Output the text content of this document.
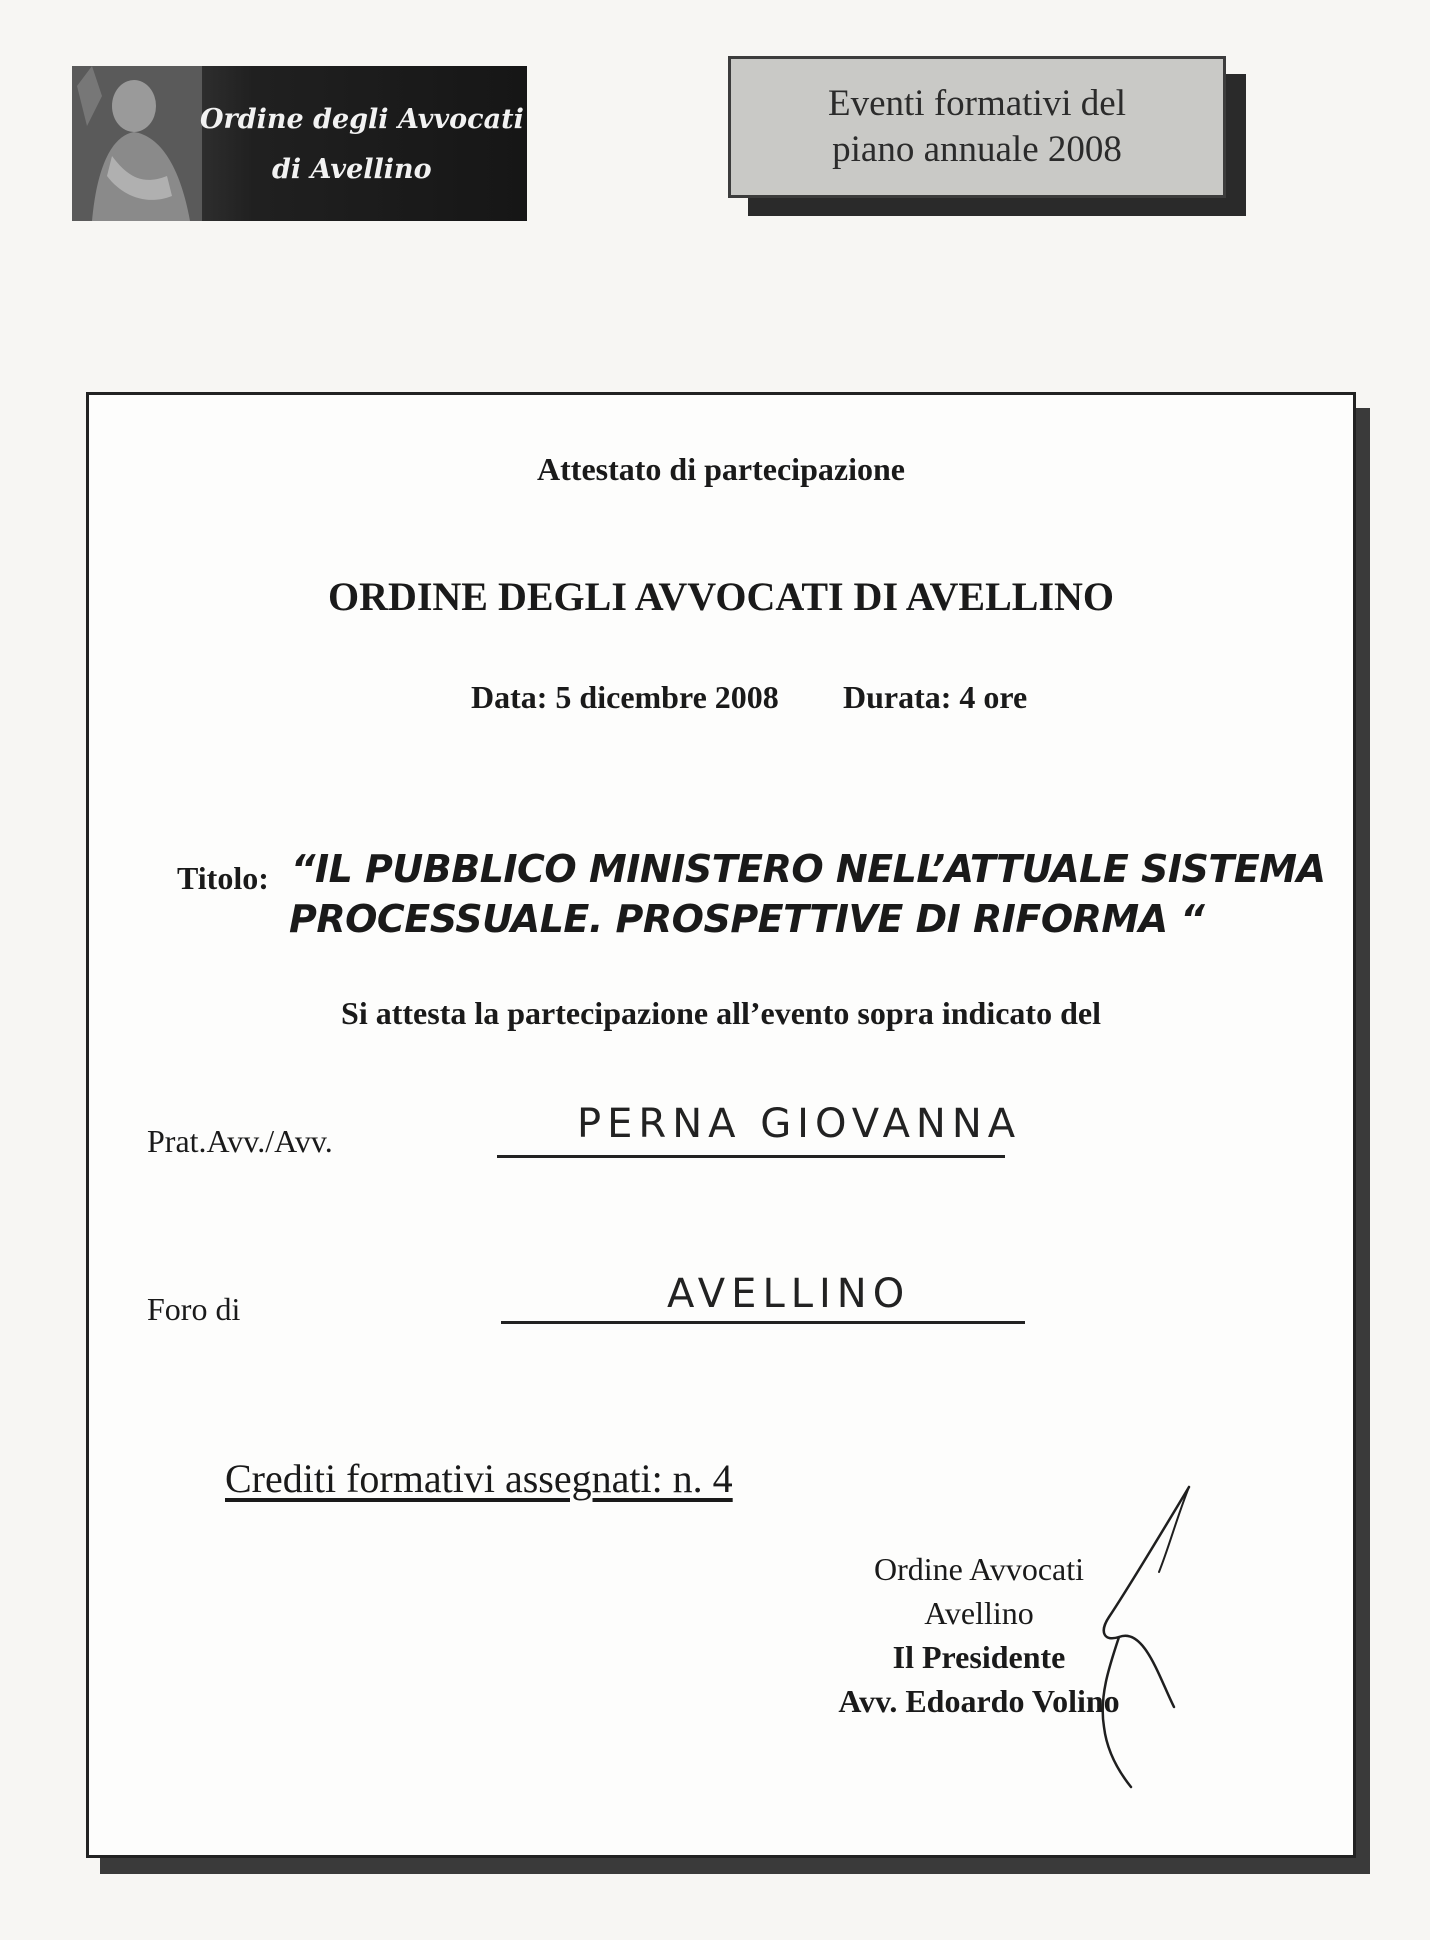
Ordine degli Avvocati
di Avellino
Eventi formativi del
piano annuale 2008
Attestato di partecipazione
ORDINE DEGLI AVVOCATI DI AVELLINO
Data: 5 dicembre 2008 Durata: 4 ore
Titolo: “IL PUBBLICO MINISTERO NELL’ATTUALE SISTEMA
PROCESSUALE. PROSPETTIVE DI RIFORMA “
Si attesta la partecipazione all’evento sopra indicato del
Prat.Avv./Avv.	PERNA GIOVANNA
Foro di	AVELLINO
Crediti formativi assegnati: n. 4
Ordine Avvocati
Avellino
Il Presidente
Avv. Edoardo Volino
